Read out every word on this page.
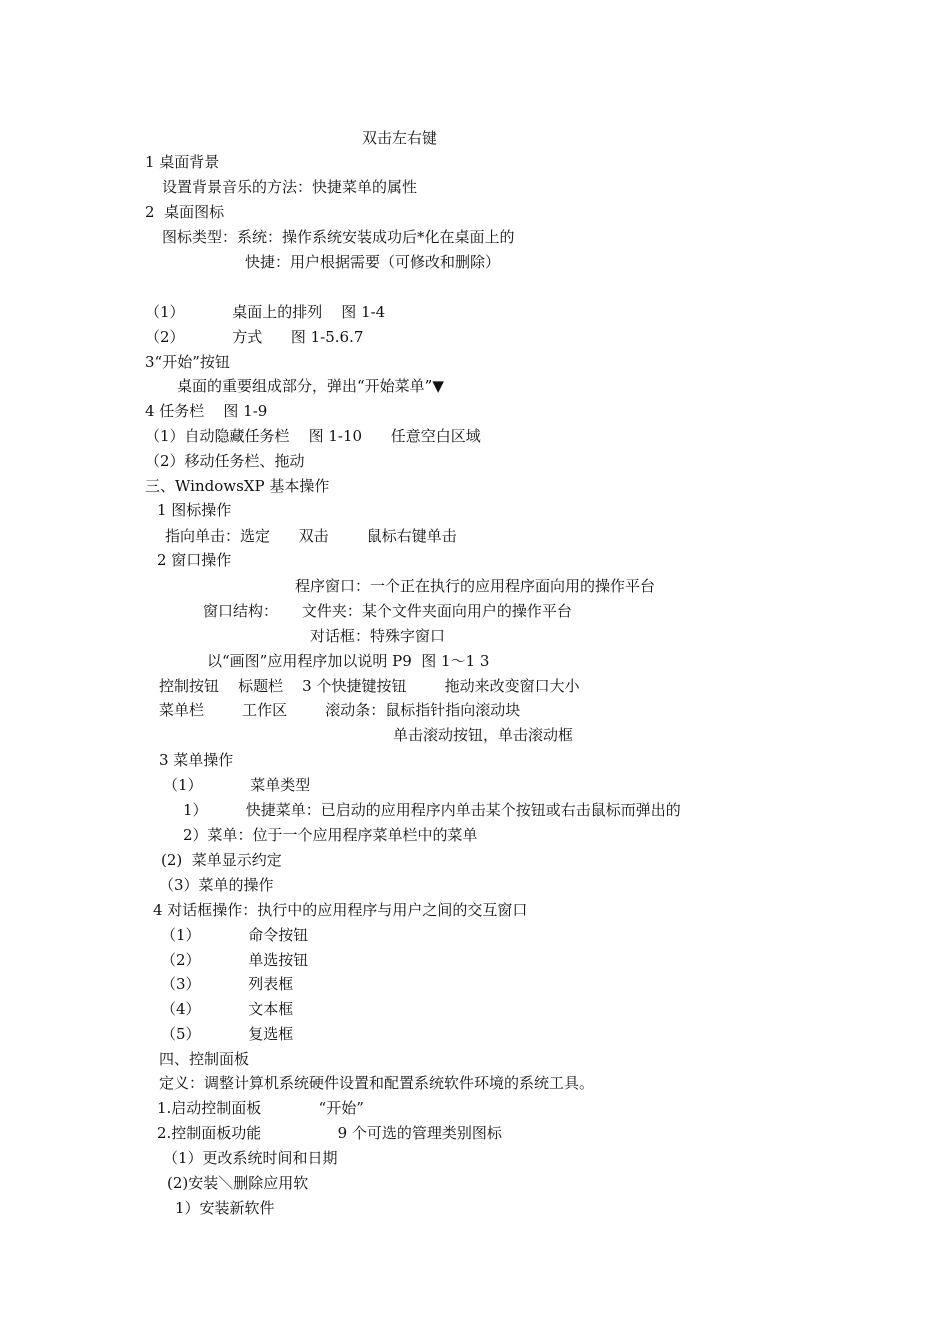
双击左右键
1 桌面背景
设置背景音乐的方法：快捷菜单的属性
2  桌面图标
图标类型：系统：操作系统安装成功后*化在桌面上的
快捷：用户根据需要（可修改和删除）
（1）          桌面上的排列    图 1-4
（2）          方式      图 1-5.6.7
3“开始”按钮
桌面的重要组成部分，弹出“开始菜单”▼
4 任务栏    图 1-9
（1）自动隐藏任务栏    图 1-10      任意空白区域
（2）移动任务栏、拖动
三、WindowsXP 基本操作
1 图标操作
指向单击：选定      双击        鼠标右键单击
2 窗口操作
程序窗口：一个正在执行的应用程序面向用的操作平台
窗口结构：     文件夹：某个文件夹面向用户的操作平台
对话框：特殊字窗口
以“画图”应用程序加以说明 P9  图 1～1 3
控制按钮    标题栏    3 个快捷键按钮        拖动来改变窗口大小
菜单栏        工作区        滚动条：鼠标指针指向滚动块
单击滚动按钮，单击滚动框
3 菜单操作
（1）          菜单类型
1）        快捷菜单：已启动的应用程序内单击某个按钮或右击鼠标而弹出的
2）菜单：位于一个应用程序菜单栏中的菜单
(2)  菜单显示约定
（3）菜单的操作
4 对话框操作：执行中的应用程序与用户之间的交互窗口
（1）          命令按钮
（2）          单选按钮
（3）          列表框
（4）          文本框
（5）          复选框
四、控制面板
定义：调整计算机系统硬件设置和配置系统软件环境的系统工具。
1.启动控制面板            “开始”
2.控制面板功能                9 个可选的管理类别图标
（1）更改系统时间和日期
(2)安装＼删除应用软
1）安装新软件
